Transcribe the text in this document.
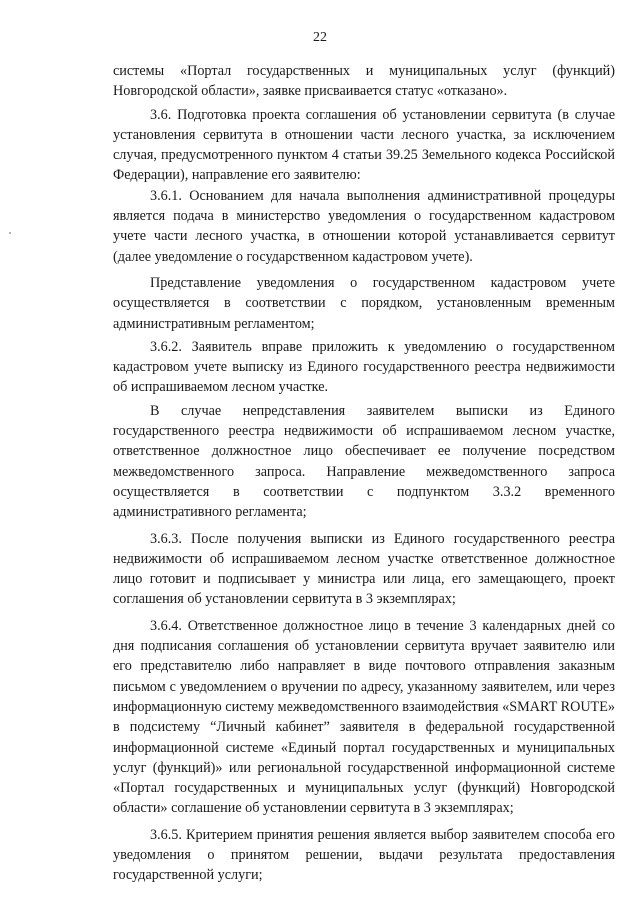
22

системы «Портал государственных и муниципальных услуг (функций) Новгородской области», заявке присваивается статус «отказано».

3.6. Подготовка проекта соглашения об установлении сервитута (в случае установления сервитута в отношении части лесного участка, за исключением случая, предусмотренного пунктом 4 статьи 39.25 Земельного кодекса Российской Федерации), направление его заявителю:

3.6.1. Основанием для начала выполнения административной процедуры является подача в министерство уведомления о государственном кадастровом учете части лесного участка, в отношении которой устанавливается сервитут (далее уведомление о государственном кадастровом учете).

Представление уведомления о государственном кадастровом учете осуществляется в соответствии с порядком, установленным временным административным регламентом;

3.6.2. Заявитель вправе приложить к уведомлению о государственном кадастровом учете выписку из Единого государственного реестра недвижимости об испрашиваемом лесном участке.

В случае непредставления заявителем выписки из Единого государственного реестра недвижимости об испрашиваемом лесном участке, ответственное должностное лицо обеспечивает ее получение посредством межведомственного запроса. Направление межведомственного запроса осуществляется в соответствии с подпунктом 3.3.2 временного административного регламента;

3.6.3. После получения выписки из Единого государственного реестра недвижимости об испрашиваемом лесном участке ответственное должностное лицо готовит и подписывает у министра или лица, его замещающего, проект соглашения об установлении сервитута в 3 экземплярах;

3.6.4. Ответственное должностное лицо в течение 3 календарных дней со дня подписания соглашения об установлении сервитута вручает заявителю или его представителю либо направляет в виде почтового отправления заказным письмом с уведомлением о вручении по адресу, указанному заявителем, или через информационную систему межведомственного взаимодействия «SMART ROUTE» в подсистему “Личный кабинет” заявителя в федеральной государственной информационной системе «Единый портал государственных и муниципальных услуг (функций)» или региональной государственной информационной системе «Портал государственных и муниципальных услуг (функций) Новгородской области» соглашение об установлении сервитута в 3 экземплярах;

3.6.5. Критерием принятия решения является выбор заявителем способа его уведомления о принятом решении, выдачи результата предоставления государственной услуги;
